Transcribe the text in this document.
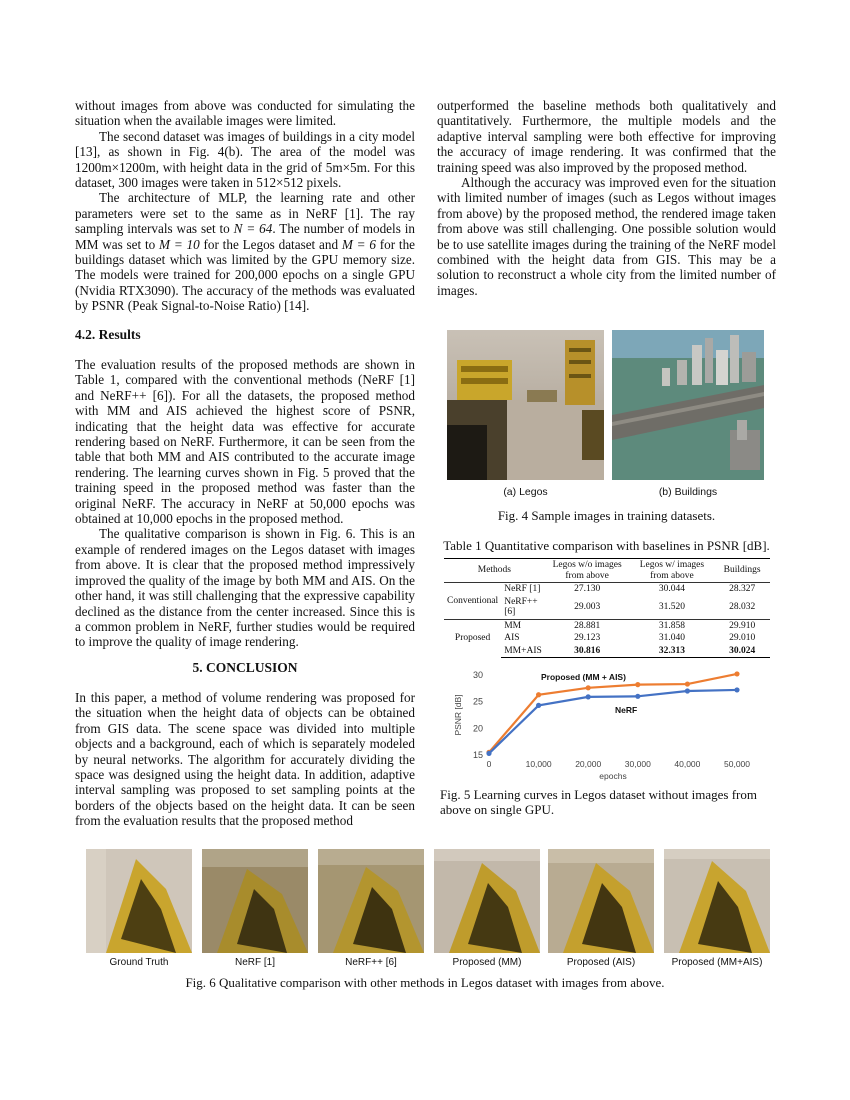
without images from above was conducted for simulating the situation when the available images were limited.

The second dataset was images of buildings in a city model [13], as shown in Fig. 4(b). The area of the model was 1200m×1200m, with height data in the grid of 5m×5m. For this dataset, 300 images were taken in 512×512 pixels.

The architecture of MLP, the learning rate and other parameters were set to the same as in NeRF [1]. The ray sampling intervals was set to N = 64. The number of models in MM was set to M = 10 for the Legos dataset and M = 6 for the buildings dataset which was limited by the GPU memory size. The models were trained for 200,000 epochs on a single GPU (Nvidia RTX3090). The accuracy of the methods was evaluated by PSNR (Peak Signal-to-Noise Ratio) [14].

4.2. Results

The evaluation results of the proposed methods are shown in Table 1, compared with the conventional methods (NeRF [1] and NeRF++ [6]). For all the datasets, the proposed method with MM and AIS achieved the highest score of PSNR, indicating that the height data was effective for accurate rendering based on NeRF. Furthermore, it can be seen from the table that both MM and AIS contributed to the accurate image rendering. The learning curves shown in Fig. 5 proved that the training speed in the proposed method was faster than the original NeRF. The accuracy in NeRF at 50,000 epochs was obtained at 10,000 epochs in the proposed method.

The qualitative comparison is shown in Fig. 6. This is an example of rendered images on the Legos dataset with images from above. It is clear that the proposed method impressively improved the quality of the image by both MM and AIS. On the other hand, it was still challenging that the expressive capability declined as the distance from the center increased. Since this is a common problem in NeRF, further studies would be required to improve the quality of image rendering.

5. CONCLUSION

In this paper, a method of volume rendering was proposed for the situation when the height data of objects can be obtained from GIS data. The scene space was divided into multiple objects and a background, each of which is separately modeled by neural networks. The algorithm for accurately dividing the space was designed using the height data. In addition, adaptive interval sampling was proposed to set sampling points at the borders of the objects based on the height data. It can be seen from the evaluation results that the proposed method

outperformed the baseline methods both qualitatively and quantitatively. Furthermore, the multiple models and the adaptive interval sampling were both effective for improving the accuracy of image rendering. It was confirmed that the training speed was also improved by the proposed method.

Although the accuracy was improved even for the situation with limited number of images (such as Legos without images from above) by the proposed method, the rendered image taken from above was still challenging. One possible solution would be to use satellite images during the training of the NeRF model combined with the height data from GIS. This may be a solution to reconstruct a whole city from the limited number of images.

(a) Legos	(b) Buildings
Fig. 4 Sample images in training datasets.
Table 1 Quantitative comparison with baselines in PSNR [dB].
Methods		Legos w/o images from above	Legos w/ images from above	Buildings
Conventional	NeRF [1]	27.130	30.044	28.327
	NeRF++ [6]	29.003	31.520	28.032
Proposed	MM	28.881	31.858	29.910
	AIS	29.123	31.040	29.010
	MM+AIS	30.816	32.313	30.024
15
20
25
30
0	10,000	20,000	30,000	40,000	50,000
epochs
PSNR [dB]
Proposed (MM + AIS)
NeRF
Fig. 5 Learning curves in Legos dataset without images from above on single GPU.
Ground Truth	NeRF [1]	NeRF++ [6]	Proposed (MM)	Proposed (AIS)	Proposed (MM+AIS)
Fig. 6 Qualitative comparison with other methods in Legos dataset with images from above.
